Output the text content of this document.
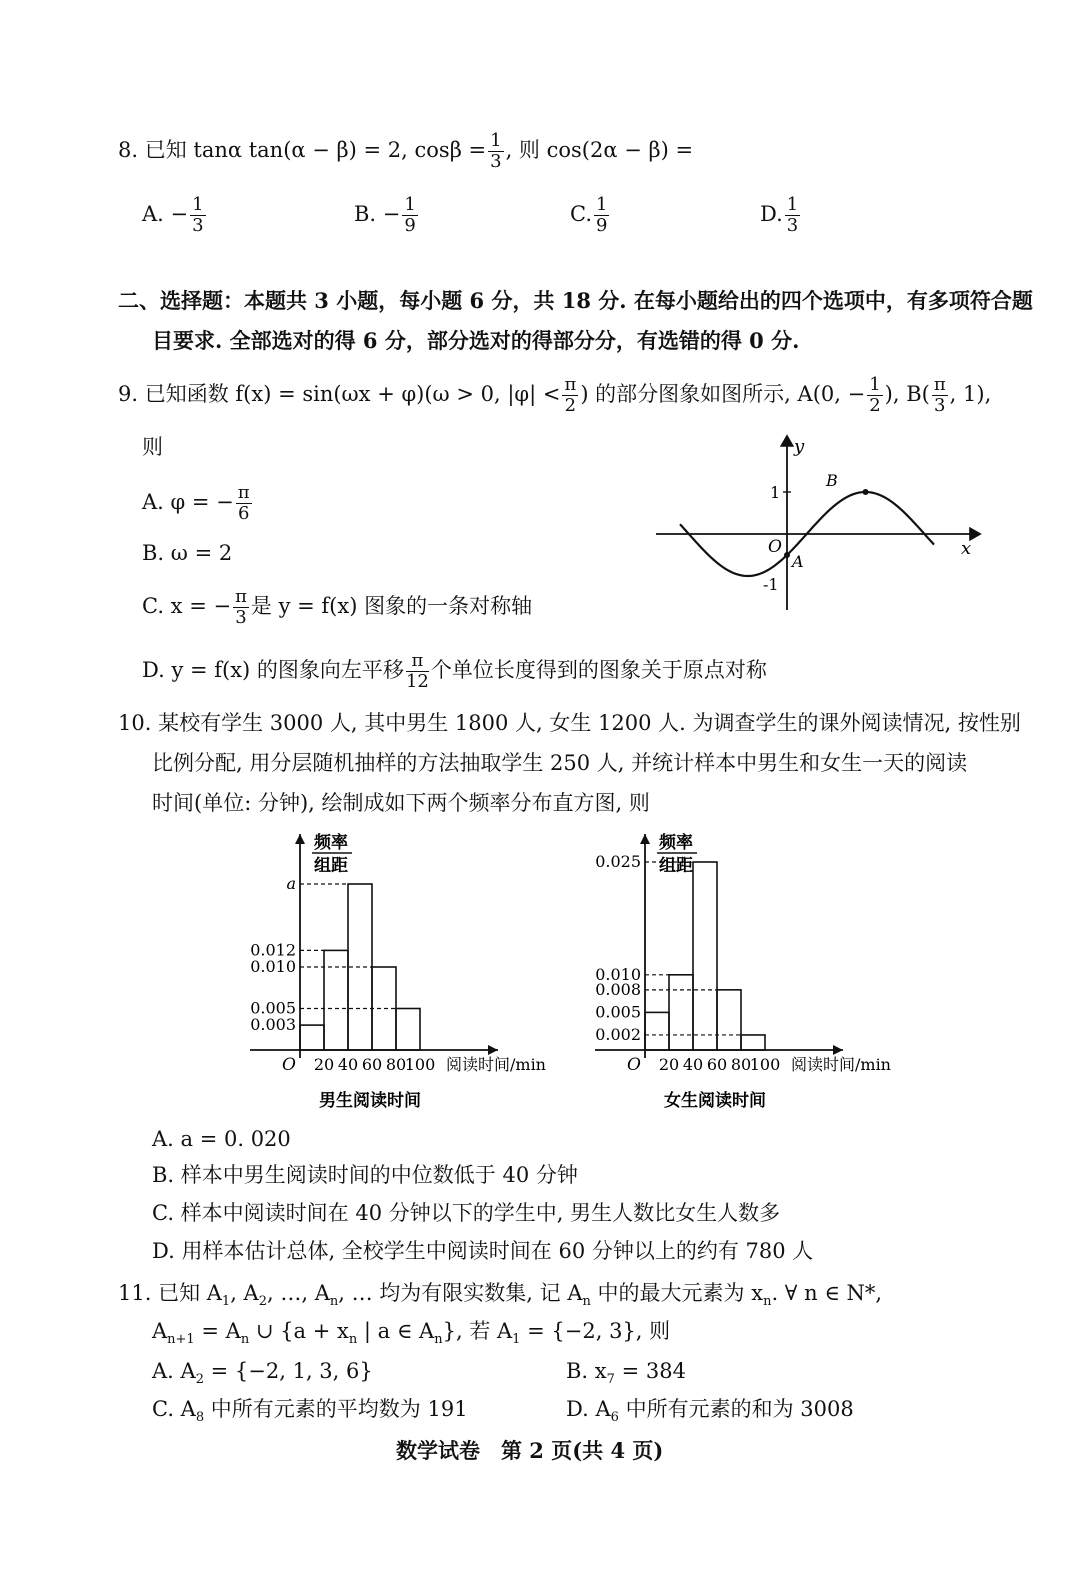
8. 已知 tanα tan(α − β) = 2, $\cos\beta = \frac{1}{3}$ , 则 cos(2α − β) =
A. − $\frac{1}{3}$	B. − $\frac{1}{9}$	C. $\frac{1}{9}$	D. $\frac{1}{3}$
二、选择题：本题共 3 小题，每小题 6 分，共 18 分. 在每小题给出的四个选项中，有多项符合题
目要求. 全部选对的得 6 分，部分选对的得部分分，有选错的得 0 分.
9. 已知函数 f(x) = sin(ωx + φ)(ω > 0, $|\varphi| < \frac{\pi}{2}$ ) 的部分图象如图所示, A(0, − $\frac{1}{2}$ ), $B( \frac{\pi}{3}$ , 1),
则
A. φ = − $\frac{\pi}{6}$
B. ω = 2
C. x = − $\frac{\pi}{3}$ 是 y = f(x) 图象的一条对称轴
D. y = f(x) 的图象向左平移 $\frac{\pi}{12}$ 个单位长度得到的图象关于原点对称
y
x
O
1
-1
A
B
10. 某校有学生 3000 人, 其中男生 1800 人, 女生 1200 人. 为调查学生的课外阅读情况, 按性别
比例分配, 用分层随机抽样的方法抽取学生 250 人, 并统计样本中男生和女生一天的阅读
时间(单位: 分钟), 绘制成如下两个频率分布直方图, 则
频率
组距
a
0.012
0.010
0.005
0.003
O 20 40 60 80
100 阅读时间/min
男生阅读时间
频率
组距
0.025
0.010
0.008
0.005
0.002
O 20 40 60 80
100 阅读时间/min
女生阅读时间
A. a = 0. 020
B. 样本中男生阅读时间的中位数低于 40 分钟
C. 样本中阅读时间在 40 分钟以下的学生中, 男生人数比女生人数多
D. 用样本估计总体, 全校学生中阅读时间在 60 分钟以上的约有 780 人
11. 已知 $A_1$, $A_2$, …, $A_n$, … 均为有限实数集, 记 $A_n$ 中的最大元素为 $x_n$. ∀ n ∈ N*,
$A_{n+1} = A_n$ ∪ {$a + x_n$ | a ∈ $A_n$}, 若 $A_1 = \{-2$, 3}, 则
A. $A_2 = \{-2$, 1, 3, 6}	B. $x_7 = 384$
C. $A_8$ 中所有元素的平均数为 191	D. $A_6$ 中所有元素的和为 3008
数学试卷　第 2 页(共 4 页)
